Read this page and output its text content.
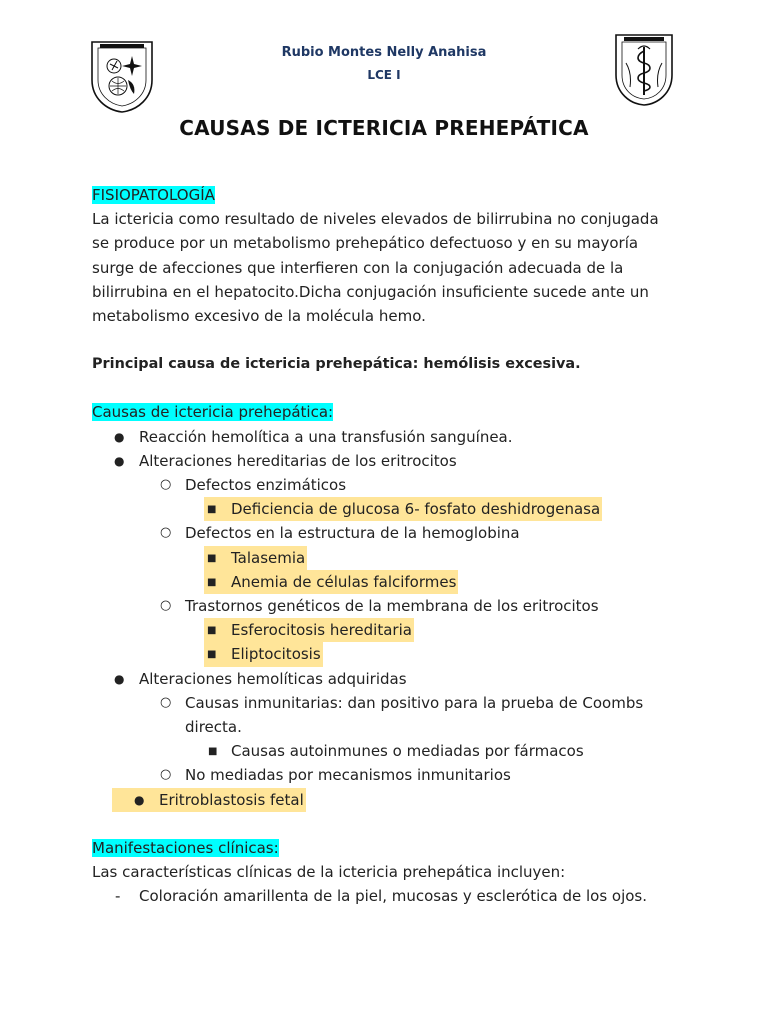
Rubio Montes Nelly Anahisa
LCE I
CAUSAS DE ICTERICIA PREHEPÁTICA
FISIOPATOLOGÍA
La ictericia como resultado de niveles elevados de bilirrubina no conjugada
se produce por un metabolismo prehepático defectuoso y en su mayoría
surge de afecciones que interfieren con la conjugación adecuada de la
bilirrubina en el hepatocito.Dicha conjugación insuficiente sucede ante un
metabolismo excesivo de la molécula hemo.
Principal causa de ictericia prehepática: hemólisis excesiva.
Causas de ictericia prehepática:
● Reacción hemolítica a una transfusión sanguínea.
● Alteraciones hereditarias de los eritrocitos
○ Defectos enzimáticos
■ Deficiencia de glucosa 6- fosfato deshidrogenasa
○ Defectos en la estructura de la hemoglobina
■ Talasemia
■ Anemia de células falciformes
○ Trastornos genéticos de la membrana de los eritrocitos
■ Esferocitosis hereditaria
■ Eliptocitosis
● Alteraciones hemolíticas adquiridas
○ Causas inmunitarias: dan positivo para la prueba de Coombs
directa.
■ Causas autoinmunes o mediadas por fármacos
○ No mediadas por mecanismos inmunitarios
● Eritroblastosis fetal
Manifestaciones clínicas:
Las características clínicas de la ictericia prehepática incluyen:
- Coloración amarillenta de la piel, mucosas y esclerótica de los ojos.
